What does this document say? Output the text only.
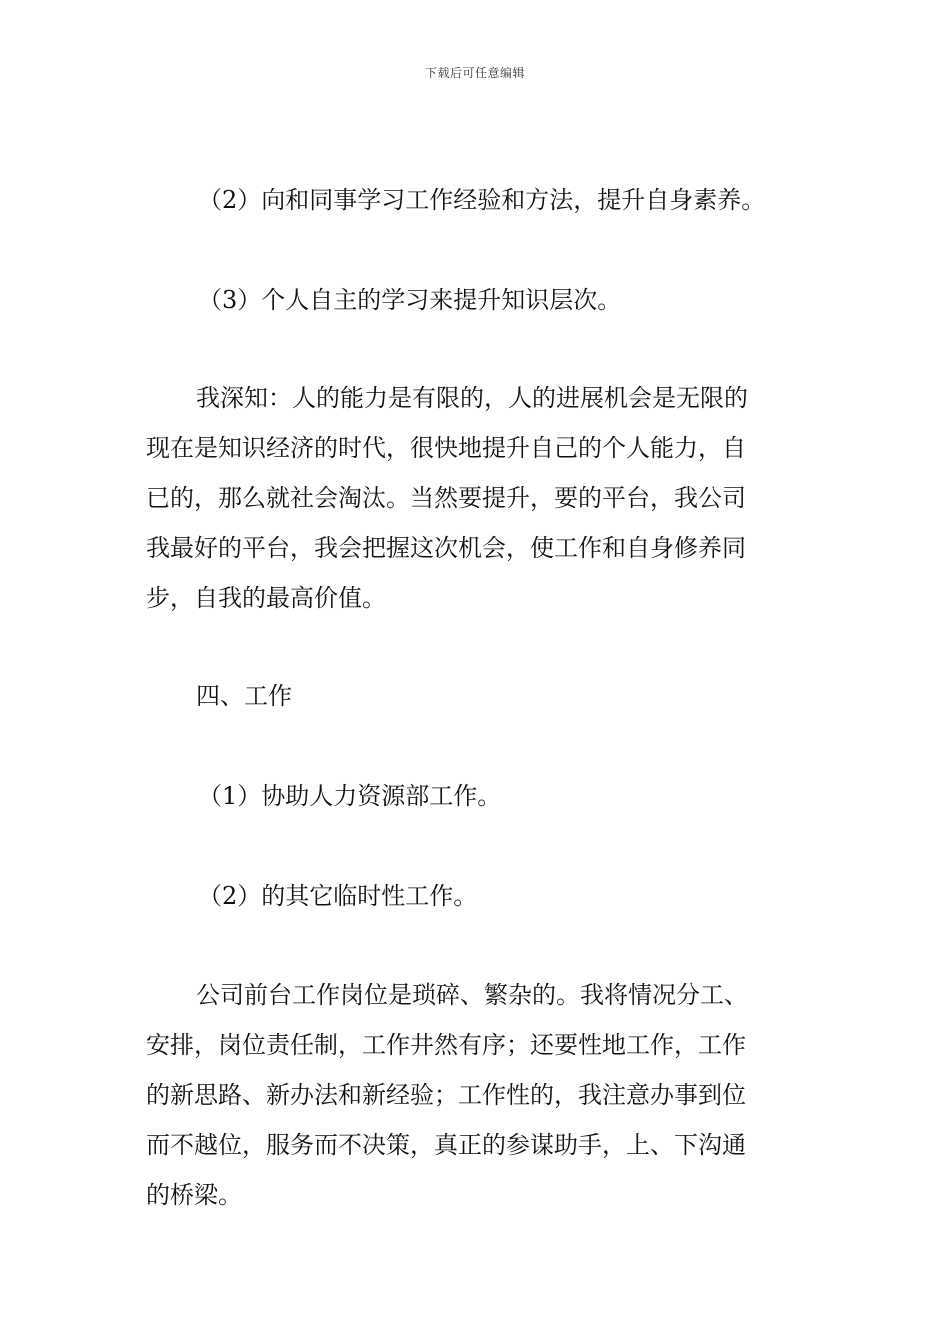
下载后可任意编辑
（2）向和同事学习工作经验和方法，提升自身素养。
（3）个人自主的学习来提升知识层次。
我深知：人的能力是有限的，人的进展机会是无限的
现在是知识经济的时代，很快地提升自己的个人能力，自
已的，那么就社会淘汰。当然要提升，要的平台，我公司
我最好的平台，我会把握这次机会，使工作和自身修养同
步，自我的最高价值。
四、工作
（1）协助人力资源部工作。
（2）的其它临时性工作。
公司前台工作岗位是琐碎、繁杂的。我将情况分工、
安排，岗位责任制，工作井然有序；还要性地工作，工作
的新思路、新办法和新经验；工作性的，我注意办事到位
而不越位，服务而不决策，真正的参谋助手，上、下沟通
的桥梁。
